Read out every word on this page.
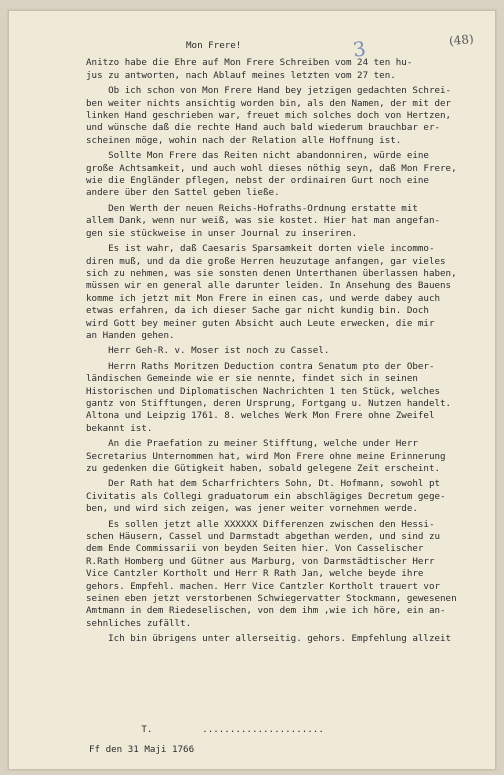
3	(48)
Mon Frere!
Anitzo habe die Ehre auf Mon Frere Schreiben vom 24 ten hu-
jus zu antworten, nach Ablauf meines letzten vom 27 ten.
Ob ich schon von Mon Frere Hand bey jetzigen gedachten Schrei-
ben weiter nichts ansichtig worden bin, als den Namen, der mit der
linken Hand geschrieben war, freuet mich solches doch von Hertzen,
und wünsche daß die rechte Hand auch bald wiederum brauchbar er-
scheinen möge, wohin nach der Relation alle Hoffnung ist.
Sollte Mon Frere das Reiten nicht abandonniren, würde eine
große Achtsamkeit, und auch wohl dieses nöthig seyn, daß Mon Frere,
wie die Engländer pflegen, nebst der ordinairen Gurt noch eine
andere über den Sattel geben ließe.
Den Werth der neuen Reichs-Hofraths-Ordnung erstatte mit
allem Dank, wenn nur weiß, was sie kostet. Hier hat man angefan-
gen sie stückweise in unser Journal zu inseriren.
Es ist wahr, daß Caesaris Sparsamkeit dorten viele incommo-
diren muß, und da die große Herren heuzutage anfangen, gar vieles
sich zu nehmen, was sie sonsten denen Unterthanen überlassen haben,
müssen wir en general alle darunter leiden. In Ansehung des Bauens
komme ich jetzt mit Mon Frere in einen cas, und werde dabey auch
etwas erfahren, da ich dieser Sache gar nicht kundig bin. Doch
wird Gott bey meiner guten Absicht auch Leute erwecken, die mir
an Handen gehen.
Herr Geh-R. v. Moser ist noch zu Cassel.
Herrn Raths Moritzen Deduction contra Senatum pto der Ober-
ländischen Gemeinde wie er sie nennte, findet sich in seinen
Historischen und Diplomatischen Nachrichten 1 ten Stück, welches
gantz von Stifftungen, deren Ursprung, Fortgang u. Nutzen handelt.
Altona und Leipzig 1761. 8. welches Werk Mon Frere ohne Zweifel
bekannt ist.
An die Praefation zu meiner Stifftung, welche under Herr
Secretarius Unternommen hat, wird Mon Frere ohne meine Erinnerung
zu gedenken die Gütigkeit haben, sobald gelegene Zeit erscheint.
Der Rath hat dem Scharfrichters Sohn, Dt. Hofmann, sowohl pt
Civitatis als Collegi graduatorum ein abschlägiges Decretum gege-
ben, und wird sich zeigen, was jener weiter vornehmen werde.
Es sollen jetzt alle XXXXXX Differenzen zwischen den Hessi-
schen Häusern, Cassel und Darmstadt abgethan werden, und sind zu
dem Ende Commissarii von beyden Seiten hier. Von Casselischer
R.Rath Homberg und Gütner aus Marburg, von Darmstädtischer Herr
Vice Cantzler Kortholt und Herr R Rath Jan, welche beyde ihre
gehors. Empfehl. machen. Herr Vice Cantzler Kortholt trauert vor
seinen eben jetzt verstorbenen Schwiegervatter Stockmann, gewesenen
Amtmann in dem Riedeselischen, von dem ihm ,wie ich höre, ein an-
sehnliches zufällt.
Ich bin übrigens unter allerseitig. gehors. Empfehlung allzeit
T.         ......................
Ff den 31 Maji 1766
